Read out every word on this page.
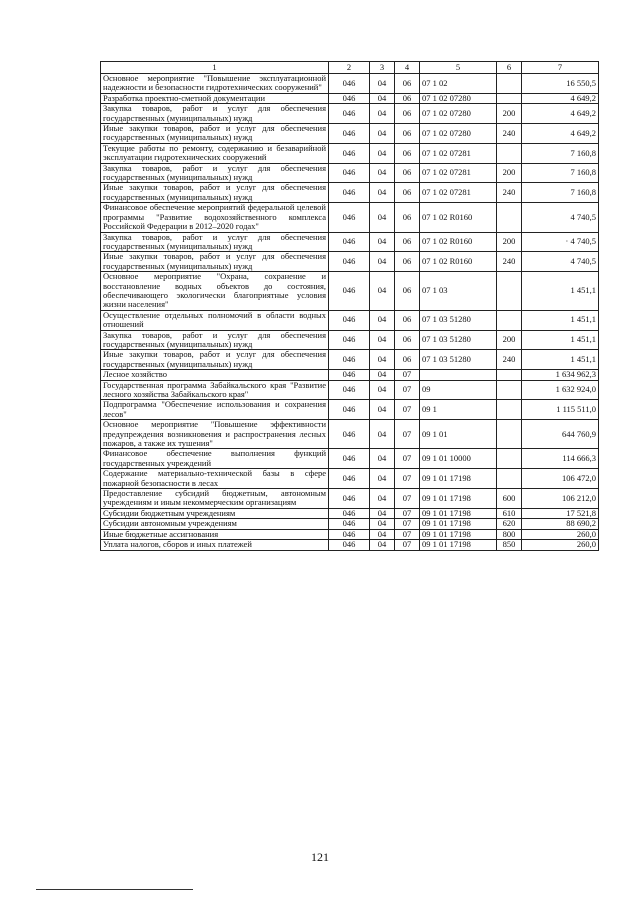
1	2	3	4	5	6	7
Основное мероприятие "Повышение эксплуатационной надежности и безопасности гидротехнических сооружений"	046	04	06	07 1 02		16 550,5
Разработка проектно-сметной документации	046	04	06	07 1 02 07280		4 649,2
Закупка товаров, работ и услуг для обеспечения государственных (муниципальных) нужд	046	04	06	07 1 02 07280	200	4 649,2
Иные закупки товаров, работ и услуг для обеспечения государственных (муниципальных) нужд	046	04	06	07 1 02 07280	240	4 649,2
Текущие работы по ремонту, содержанию и безаварийной эксплуатации гидротехнических сооружений	046	04	06	07 1 02 07281		7 160,8
Закупка товаров, работ и услуг для обеспечения государственных (муниципальных) нужд	046	04	06	07 1 02 07281	200	7 160,8
Иные закупки товаров, работ и услуг для обеспечения государственных (муниципальных) нужд	046	04	06	07 1 02 07281	240	7 160,8
Финансовое обеспечение мероприятий федеральной целевой программы "Развитие водохозяйственного комплекса Российской Федерации в 2012–2020 годах"	046	04	06	07 1 02 R0160		4 740,5
Закупка товаров, работ и услуг для обеспечения государственных (муниципальных) нужд	046	04	06	07 1 02 R0160	200	· 4 740,5
Иные закупки товаров, работ и услуг для обеспечения государственных (муниципальных) нужд	046	04	06	07 1 02 R0160	240	4 740,5
Основное мероприятие "Охрана, сохранение и восстановление водных объектов до состояния, обеспечивающего экологически благоприятные условия жизни населения"	046	04	06	07 1 03		1 451,1
Осуществление отдельных полномочий в области водных отношений	046	04	06	07 1 03 51280		1 451,1
Закупка товаров, работ и услуг для обеспечения государственных (муниципальных) нужд	046	04	06	07 1 03 51280	200	1 451,1
Иные закупки товаров, работ и услуг для обеспечения государственных (муниципальных) нужд	046	04	06	07 1 03 51280	240	1 451,1
Лесное хозяйство	046	04	07			1 634 962,3
Государственная программа Забайкальского края "Развитие лесного хозяйства Забайкальского края"	046	04	07	09		1 632 924,0
Подпрограмма "Обеспечение использования и сохранения лесов"	046	04	07	09 1		1 115 511,0
Основное мероприятие "Повышение эффективности предупреждения возникновения и распространения лесных пожаров, а также их тушения"	046	04	07	09 1 01		644 760,9
Финансовое обеспечение выполнения функций государственных учреждений	046	04	07	09 1 01 10000		114 666,3
Содержание материально-технической базы в сфере пожарной безопасности в лесах	046	04	07	09 1 01 17198		106 472,0
Предоставление субсидий бюджетным, автономным учреждениям и иным некоммерческим организациям	046	04	07	09 1 01 17198	600	106 212,0
Субсидии бюджетным учреждениям	046	04	07	09 1 01 17198	610	17 521,8
Субсидии автономным учреждениям	046	04	07	09 1 01 17198	620	88 690,2
Иные бюджетные ассигнования	046	04	07	09 1 01 17198	800	260,0
Уплата налогов, сборов и иных платежей	046	04	07	09 1 01 17198	850	260,0
121
